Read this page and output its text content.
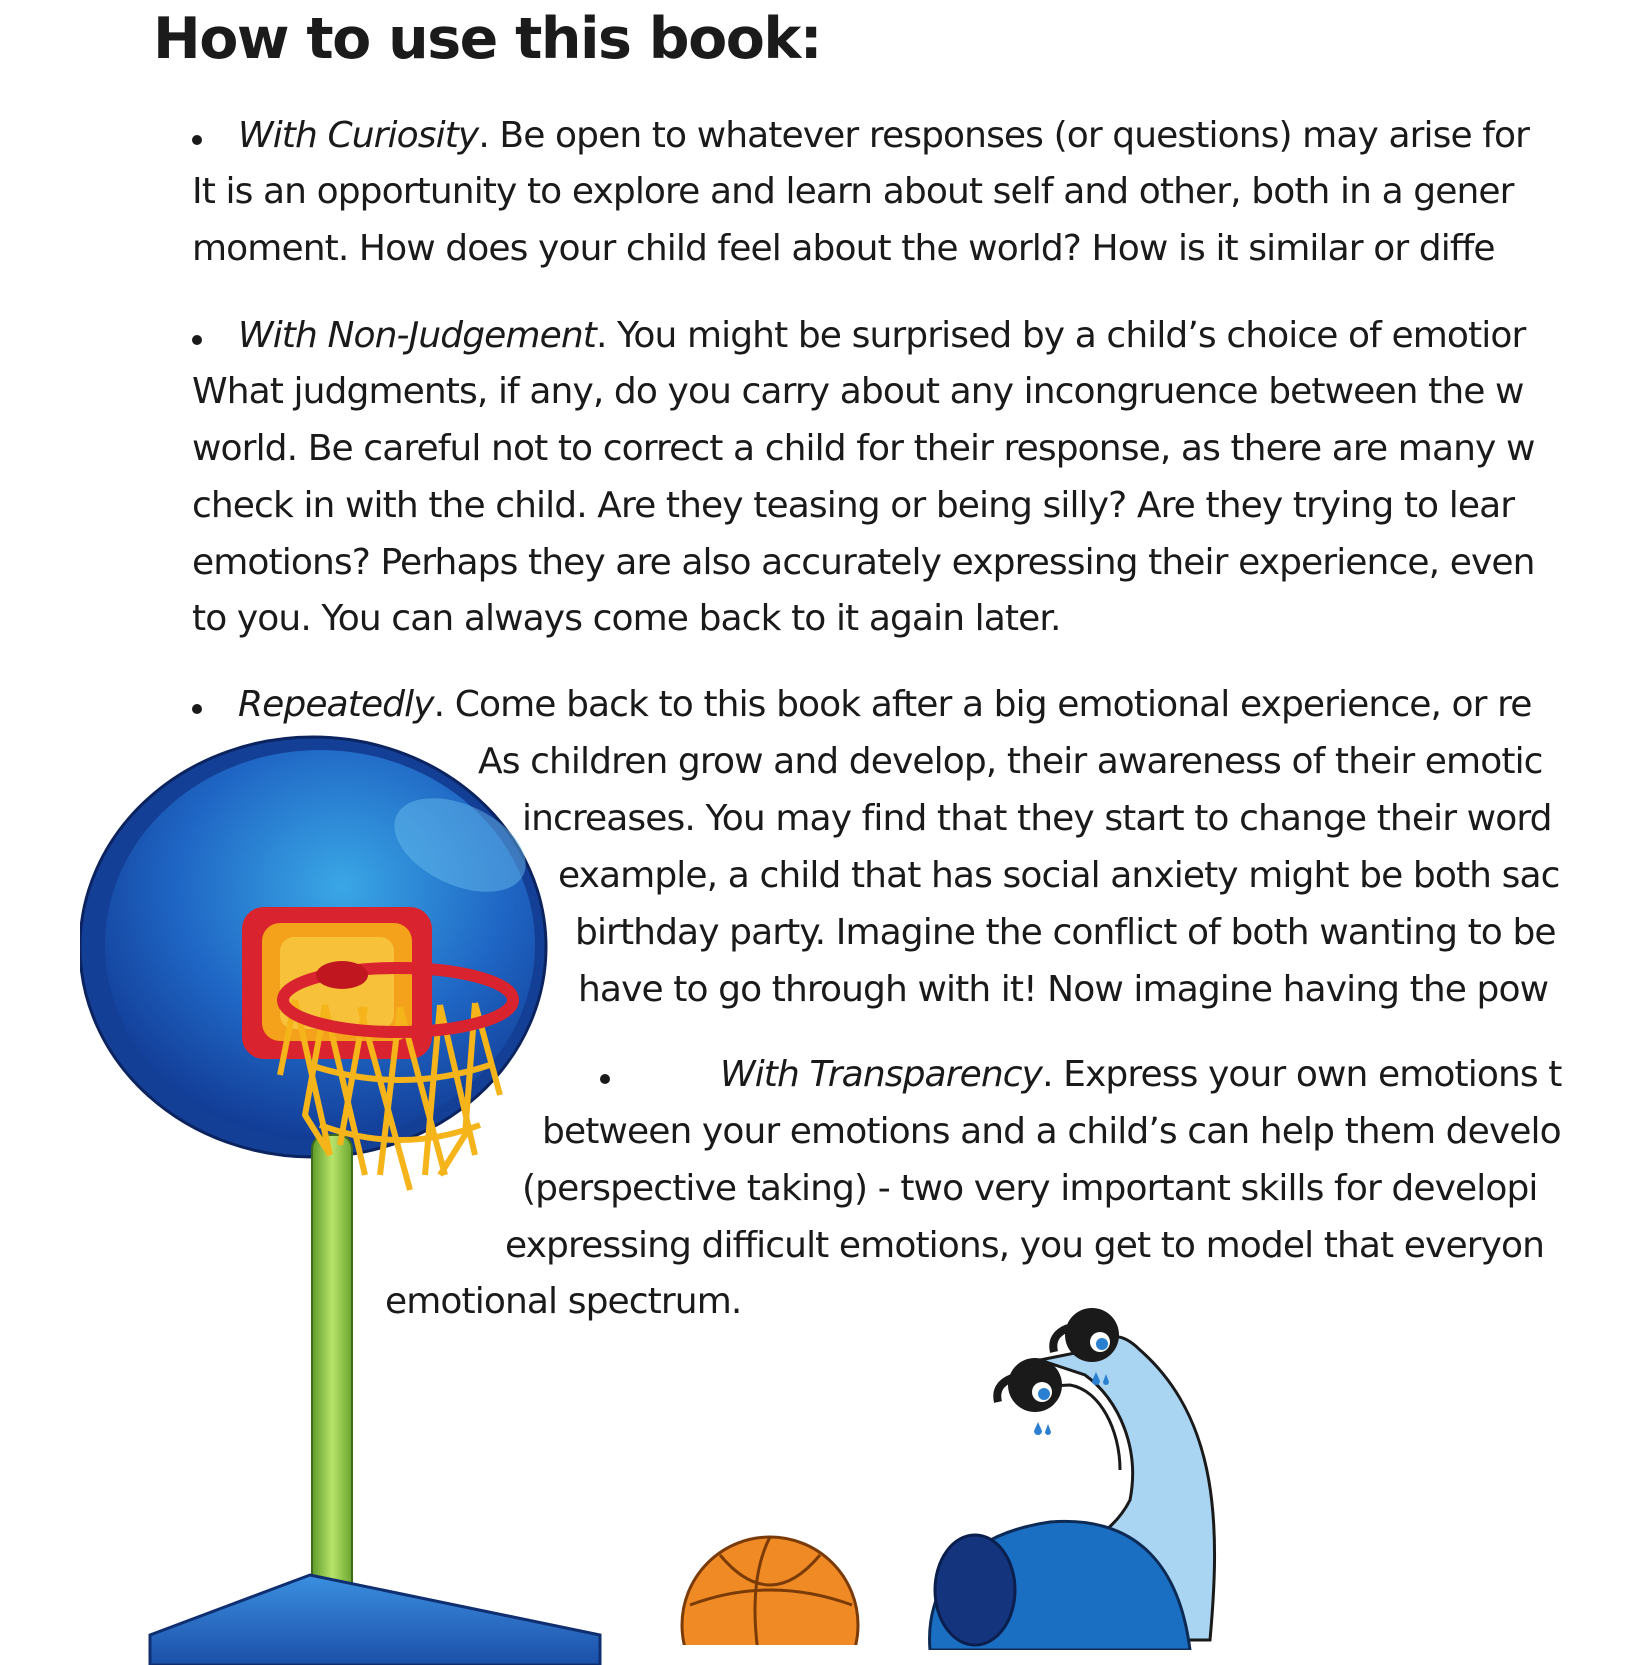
How to use this book:
With Curiosity. Be open to whatever responses (or questions) may arise for
It is an opportunity to explore and learn about self and other, both in a gener
moment. How does your child feel about the world? How is it similar or diffe
With Non-Judgement. You might be surprised by a child’s choice of emotior
What judgments, if any, do you carry about any incongruence between the w
world. Be careful not to correct a child for their response, as there are many w
check in with the child. Are they teasing or being silly? Are they trying to lear
emotions? Perhaps they are also accurately expressing their experience, even
to you. You can always come back to it again later.
Repeatedly. Come back to this book after a big emotional experience, or re
As children grow and develop, their awareness of their emotic
increases. You may find that they start to change their word
example, a child that has social anxiety might be both sac
birthday party. Imagine the conflict of both wanting to be
have to go through with it! Now imagine having the pow
With Transparency. Express your own emotions t
between your emotions and a child’s can help them develo
(perspective taking) - two very important skills for developi
expressing difficult emotions, you get to model that everyon
emotional spectrum.
